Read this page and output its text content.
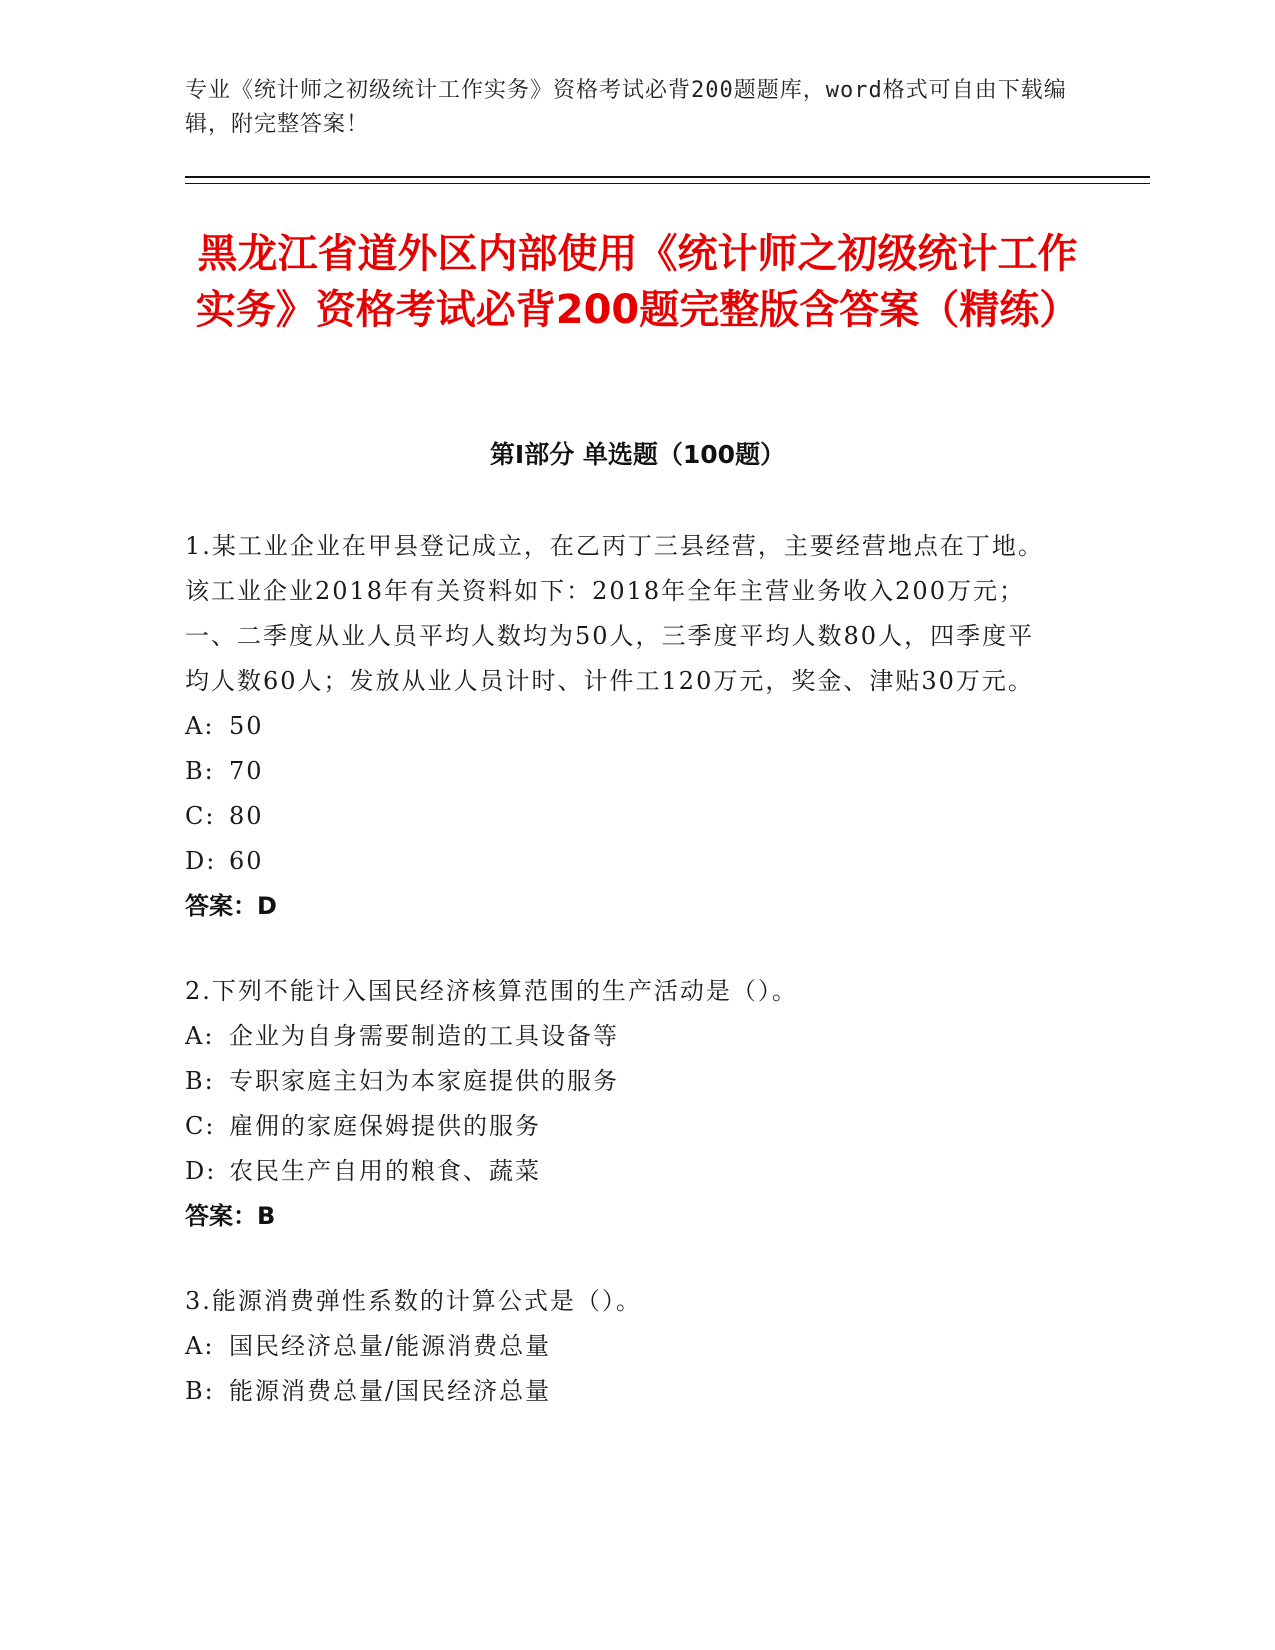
专业《统计师之初级统计工作实务》资格考试必背200题题库，word格式可自由下载编辑，附完整答案！
黑龙江省道外区内部使用《统计师之初级统计工作实务》资格考试必背200题完整版含答案（精练）
第Ⅰ部分 单选题（100题）
1.某工业企业在甲县登记成立，在乙丙丁三县经营，主要经营地点在丁地。该工业企业2018年有关资料如下：2018年全年主营业务收入200万元；一、二季度从业人员平均人数均为50人，三季度平均人数80人，四季度平均人数60人；发放从业人员计时、计件工120万元，奖金、津贴30万元。
A: 50
B: 70
C: 80
D: 60
答案：D
2.下列不能计入国民经济核算范围的生产活动是（）。
A: 企业为自身需要制造的工具设备等
B: 专职家庭主妇为本家庭提供的服务
C: 雇佣的家庭保姆提供的服务
D: 农民生产自用的粮食、蔬菜
答案：B
3.能源消费弹性系数的计算公式是（）。
A: 国民经济总量/能源消费总量
B: 能源消费总量/国民经济总量
